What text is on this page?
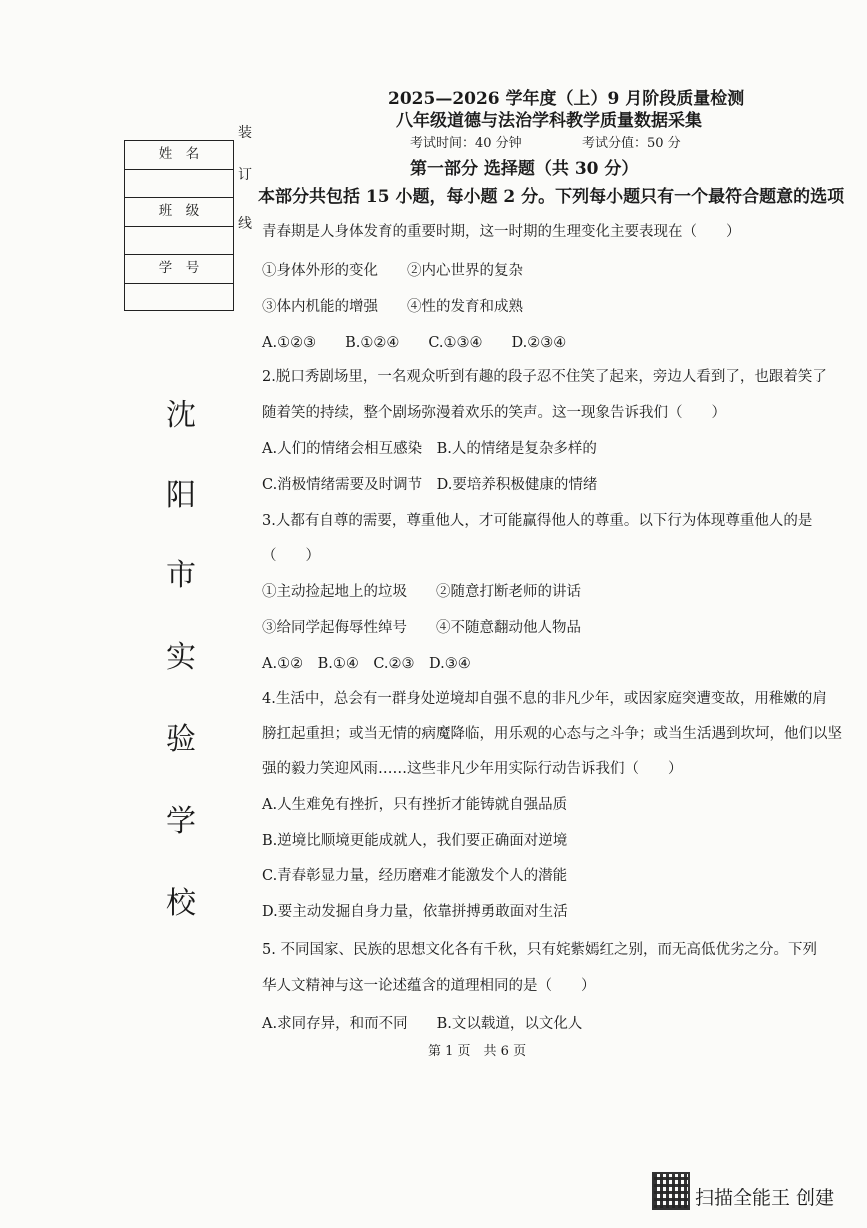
2025—2026 学年度（上）9 月阶段质量检测
八年级道德与法治学科教学质量数据采集
考试时间：40 分钟	考试分值：50 分
第一部分 选择题（共 30 分）
本部分共包括 15 小题，每小题 2 分。下列每小题只有一个最符合题意的选项
装
订
线
姓　名
班　级
学　号
沈
阳
市
实
验
学
校
青春期是人身体发育的重要时期，这一时期的生理变化主要表现在（　　）
①身体外形的变化　　②内心世界的复杂
③体内机能的增强　　④性的发育和成熟
A.①②③　　B.①②④　　C.①③④　　D.②③④
2.脱口秀剧场里，一名观众听到有趣的段子忍不住笑了起来，旁边人看到了，也跟着笑了
随着笑的持续，整个剧场弥漫着欢乐的笑声。这一现象告诉我们（　　）
A.人们的情绪会相互感染　B.人的情绪是复杂多样的
C.消极情绪需要及时调节　D.要培养积极健康的情绪
3.人都有自尊的需要，尊重他人，才可能赢得他人的尊重。以下行为体现尊重他人的是
（　　）
①主动捡起地上的垃圾　　②随意打断老师的讲话
③给同学起侮辱性绰号　　④不随意翻动他人物品
A.①②　B.①④　C.②③　D.③④
4.生活中，总会有一群身处逆境却自强不息的非凡少年，或因家庭突遭变故，用稚嫩的肩
膀扛起重担；或当无情的病魔降临，用乐观的心态与之斗争；或当生活遇到坎坷，他们以坚
强的毅力笑迎风雨……这些非凡少年用实际行动告诉我们（　　）
A.人生难免有挫折，只有挫折才能铸就自强品质
B.逆境比顺境更能成就人，我们要正确面对逆境
C.青春彰显力量，经历磨难才能激发个人的潜能
D.要主动发掘自身力量，依靠拼搏勇敢面对生活
5. 不同国家、民族的思想文化各有千秋，只有姹紫嫣红之别，而无高低优劣之分。下列
华人文精神与这一论述蕴含的道理相同的是（　　）
A.求同存异，和而不同　　B.文以载道，以文化人
第 1 页　共 6 页
扫描全能王 创建
